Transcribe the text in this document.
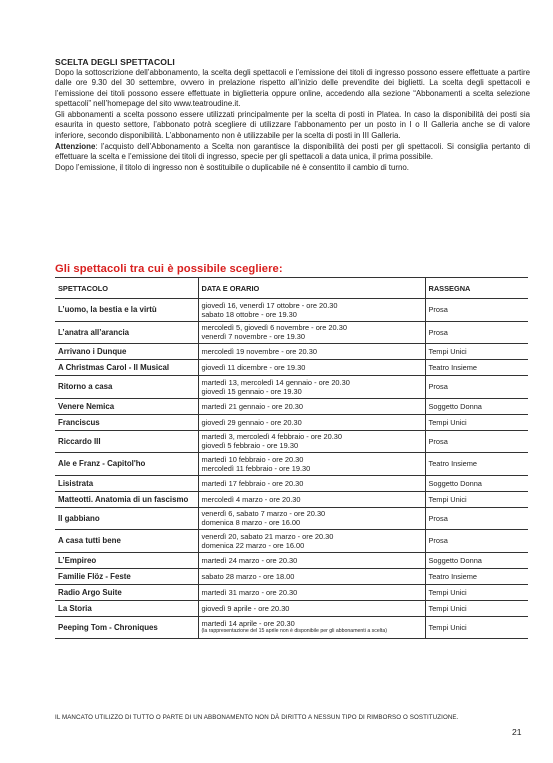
SCELTA DEGLI SPETTACOLI

Dopo la sottoscrizione dell’abbonamento, la scelta degli spettacoli e l’emissione dei titoli di ingresso possono essere effettuate a partire dalle ore 9.30 del 30 settembre, ovvero in prelazione rispetto all’inizio delle prevendite dei biglietti. La scelta degli spettacoli e l’emissione dei titoli possono essere effettuate in biglietteria oppure online, accedendo alla sezione “Abbonamenti a scelta selezione spettacoli” nell’homepage del sito www.teatroudine.it.

Gli abbonamenti a scelta possono essere utilizzati principalmente per la scelta di posti in Platea. In caso la disponibilità dei posti sia esaurita in questo settore, l’abbonato potrà scegliere di utilizzare l’abbonamento per un posto in I o II Galleria anche se di valore inferiore, secondo disponibilità. L’abbonamento non è utilizzabile per la scelta di posti in III Galleria.

Attenzione: l’acquisto dell’Abbonamento a Scelta non garantisce la disponibilità dei posti per gli spettacoli. Si consiglia pertanto di effettuare la scelta e l’emissione dei titoli di ingresso, specie per gli spettacoli a data unica, il prima possibile.

Dopo l’emissione, il titolo di ingresso non è sostituibile o duplicabile né è consentito il cambio di turno.

Gli spettacoli tra cui è possibile scegliere:
SPETTACOLO	DATA E ORARIO	RASSEGNA
L’uomo, la bestia e la virtù	giovedì 16, venerdì 17 ottobre - ore 20.30
sabato 18 ottobre - ore 19.30	Prosa
L’anatra all’arancia	mercoledì 5, giovedì 6 novembre - ore 20.30
venerdì 7 novembre - ore 19.30	Prosa
Arrivano i Dunque	mercoledì 19 novembre - ore 20.30	Tempi Unici
A Christmas Carol - Il Musical	giovedì 11 dicembre - ore 19.30	Teatro Insieme
Ritorno a casa	martedì 13, mercoledì 14 gennaio - ore 20.30
giovedì 15 gennaio - ore 19.30	Prosa
Venere Nemica	martedì 21 gennaio - ore 20.30	Soggetto Donna
Franciscus	giovedì 29 gennaio - ore 20.30	Tempi Unici
Riccardo III	martedì 3, mercoledì 4 febbraio - ore 20.30
giovedì 5 febbraio - ore 19.30	Prosa
Ale e Franz - Capitol'ho	martedì 10 febbraio - ore 20.30
mercoledì 11 febbraio - ore 19.30	Teatro Insieme
Lisistrata	martedì 17 febbraio - ore 20.30	Soggetto Donna
Matteotti. Anatomia di un fascismo	mercoledì 4 marzo - ore 20.30	Tempi Unici
Il gabbiano	venerdì 6, sabato 7 marzo - ore 20.30
domenica 8 marzo - ore 16.00	Prosa
A casa tutti bene	venerdì 20, sabato 21 marzo - ore 20.30
domenica 22 marzo - ore 16.00	Prosa
L’Empireo	martedì 24 marzo - ore 20.30	Soggetto Donna
Familie Flöz - Feste	sabato 28 marzo - ore 18.00	Teatro Insieme
Radio Argo Suite	martedì 31 marzo - ore 20.30	Tempi Unici
La Storia	giovedì 9 aprile - ore 20.30	Tempi Unici
Peeping Tom - Chroniques	martedì 14 aprile - ore 20.30
(la rappresentazione del 15 aprile non è disponibile per gli abbonamenti a scelta)	Tempi Unici
IL MANCATO UTILIZZO DI TUTTO O PARTE DI UN ABBONAMENTO NON DÀ DIRITTO A NESSUN TIPO DI RIMBORSO O SOSTITUZIONE.
21
